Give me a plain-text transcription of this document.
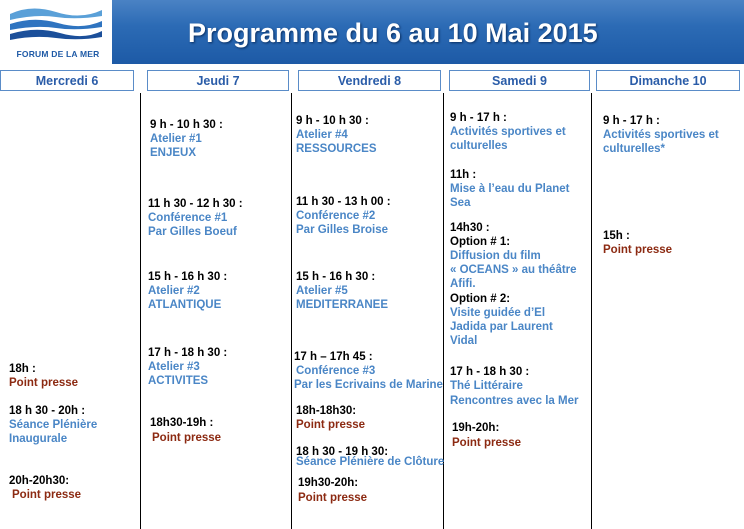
FORUM DE LA MER
Programme du 6 au 10 Mai 2015
Mercredi 6	Jeudi 7	Vendredi 8	Samedi 9	Dimanche 10
18h :
Point presse
18 h 30 - 20h :
Séance Plénière
Inaugurale
20h-20h30:
Point presse
9 h - 10 h 30 :
Atelier #1
ENJEUX
11 h 30 - 12 h 30 :
Conférence #1
Par Gilles Boeuf
15 h - 16 h 30 :
Atelier #2
ATLANTIQUE
17 h - 18 h 30 :
Atelier #3
ACTIVITES
18h30-19h :
Point presse
9 h - 10 h 30 :
Atelier #4
RESSOURCES
11 h 30 - 13 h 00 :
Conférence #2
Par Gilles Broise
15 h - 16 h 30 :
Atelier #5
MEDITERRANEE
17 h – 17h 45 :
Conférence #3
Par les Ecrivains de Marine
18h-18h30:
Point presse
18 h 30 - 19 h 30:
Séance Plénière de Clôture
19h30-20h:
Point presse
9 h - 17 h :
Activités sportives et
culturelles
11h :
Mise à l’eau du Planet
Sea
14h30 :
Option # 1:
Diffusion du film
« OCEANS » au théâtre
Afifi.
Option # 2:
Visite guidée d’El
Jadida par Laurent
Vidal
17 h - 18 h 30 :
Thé Littéraire
Rencontres avec la Mer
19h-20h:
Point presse
9 h - 17 h :
Activités sportives et
culturelles*
15h :
Point presse
